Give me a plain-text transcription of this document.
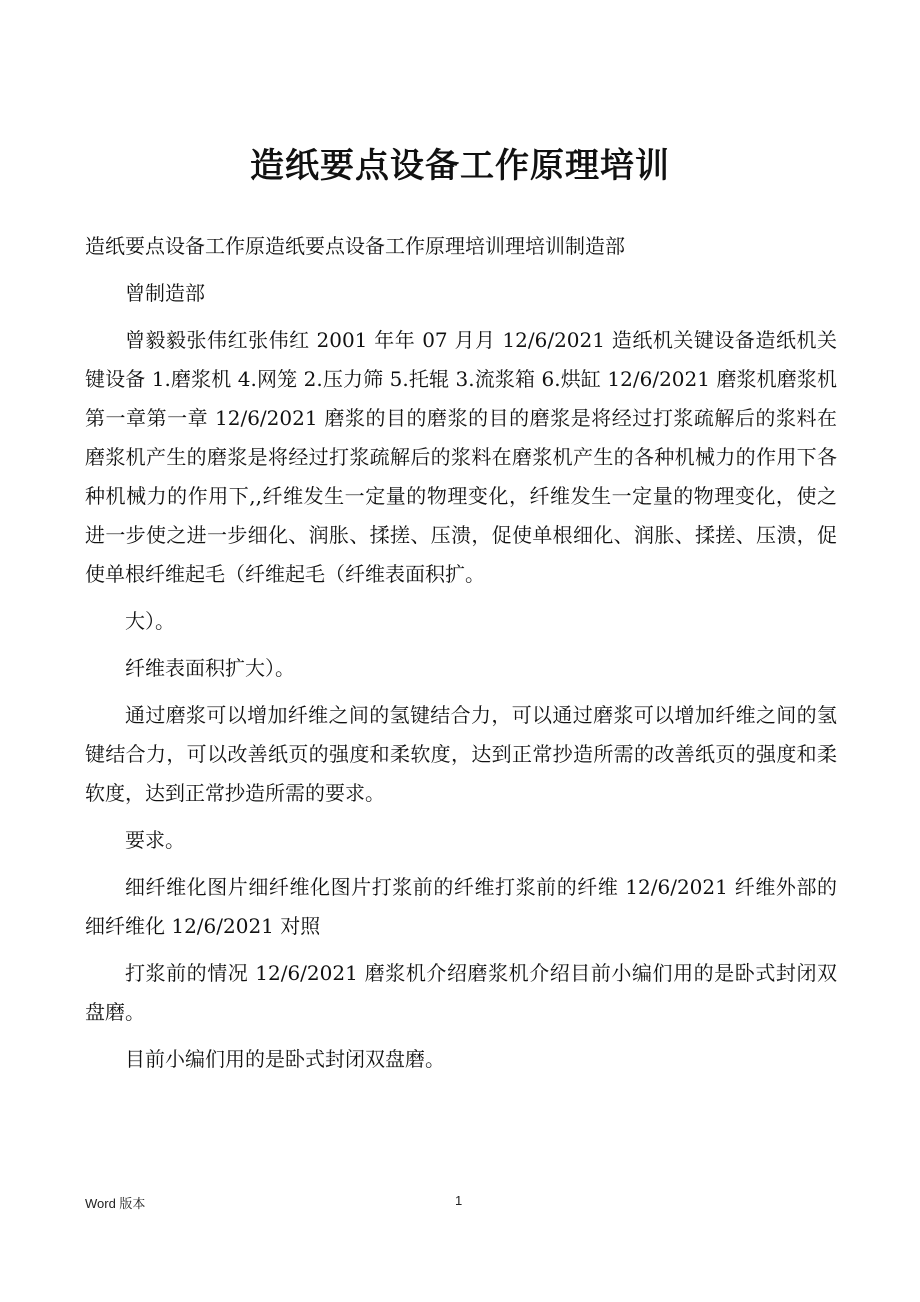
造纸要点设备工作原理培训

造纸要点设备工作原造纸要点设备工作原理培训理培训制造部

曾制造部

曾毅毅张伟红张伟红 2001 年年 07 月月 12/6/2021 造纸机关键设备造纸机关键设备 1.磨浆机 4.网笼 2.压力筛 5.托辊 3.流浆箱 6.烘缸 12/6/2021 磨浆机磨浆机第一章第一章 12/6/2021 磨浆的目的磨浆的目的磨浆是将经过打浆疏解后的浆料在磨浆机产生的磨浆是将经过打浆疏解后的浆料在磨浆机产生的各种机械力的作用下各种机械力的作用下,,纤维发生一定量的物理变化，纤维发生一定量的物理变化，使之进一步使之进一步细化、润胀、揉搓、压溃，促使单根细化、润胀、揉搓、压溃，促使单根纤维起毛（纤维起毛（纤维表面积扩。

大）。

纤维表面积扩大）。

通过磨浆可以增加纤维之间的氢键结合力，可以通过磨浆可以增加纤维之间的氢键结合力，可以改善纸页的强度和柔软度，达到正常抄造所需的改善纸页的强度和柔软度，达到正常抄造所需的要求。

要求。

细纤维化图片细纤维化图片打浆前的纤维打浆前的纤维 12/6/2021 纤维外部的细纤维化 12/6/2021 对照

打浆前的情况 12/6/2021 磨浆机介绍磨浆机介绍目前小编们用的是卧式封闭双盘磨。

目前小编们用的是卧式封闭双盘磨。

Word 版本	1
